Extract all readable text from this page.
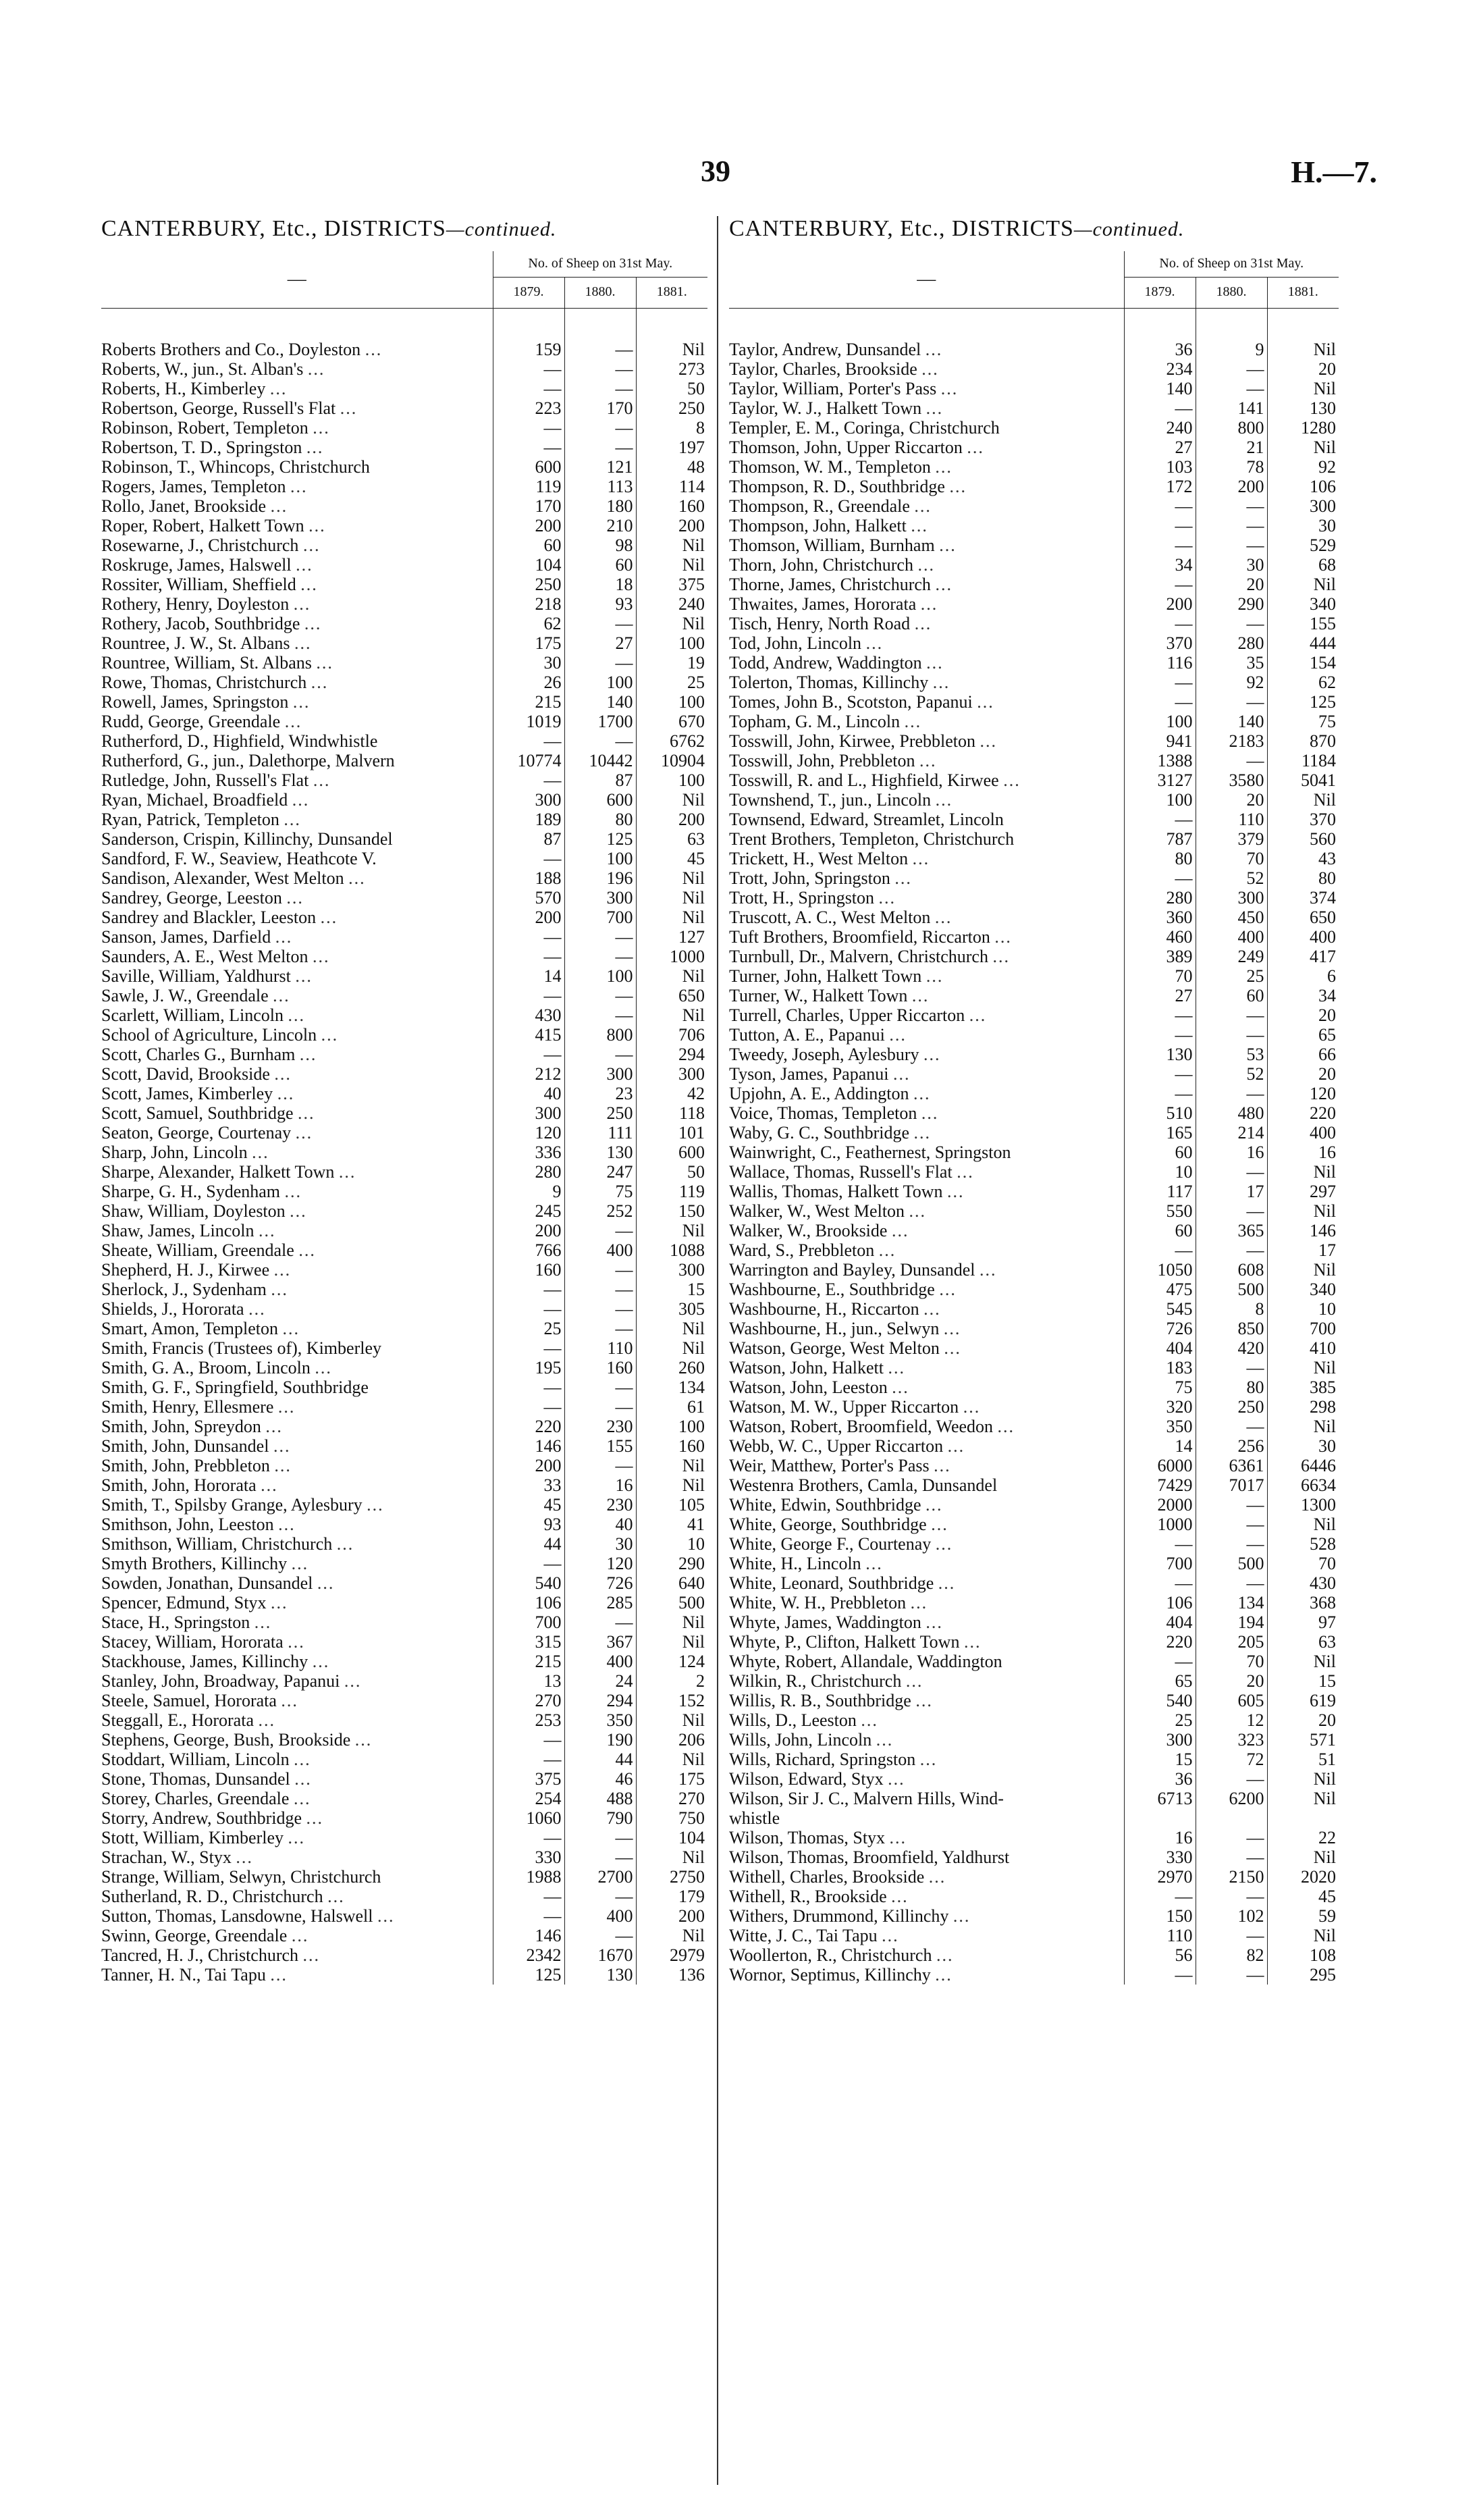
39	H.—7.
CANTERBURY, Etc., DISTRICTS—continued.
—	No. of Sheep on 31st May.		
	1879.	1880.	1881.

Roberts Brothers and Co., Doyleston ...	159	—	Nil
Roberts, W., jun., St. Alban's ...	—	—	273
Roberts, H., Kimberley ...	—	—	50
Robertson, George, Russell's Flat ...	223	170	250
Robinson, Robert, Templeton ...	—	—	8
Robertson, T. D., Springston ...	—	—	197
Robinson, T., Whincops, Christchurch	600	121	48
Rogers, James, Templeton ...	119	113	114
Rollo, Janet, Brookside ...	170	180	160
Roper, Robert, Halkett Town ...	200	210	200
Rosewarne, J., Christchurch ...	60	98	Nil
Roskruge, James, Halswell ...	104	60	Nil
Rossiter, William, Sheffield ...	250	18	375
Rothery, Henry, Doyleston ...	218	93	240
Rothery, Jacob, Southbridge ...	62	—	Nil
Rountree, J. W., St. Albans ...	175	27	100
Rountree, William, St. Albans ...	30	—	19
Rowe, Thomas, Christchurch ...	26	100	25
Rowell, James, Springston ...	215	140	100
Rudd, George, Greendale ...	1019	1700	670
Rutherford, D., Highfield, Windwhistle	—	—	6762
Rutherford, G., jun., Dalethorpe, Malvern	10774	10442	10904
Rutledge, John, Russell's Flat ...	—	87	100
Ryan, Michael, Broadfield ...	300	600	Nil
Ryan, Patrick, Templeton ...	189	80	200
Sanderson, Crispin, Killinchy, Dunsandel	87	125	63
Sandford, F. W., Seaview, Heathcote V.	—	100	45
Sandison, Alexander, West Melton ...	188	196	Nil
Sandrey, George, Leeston ...	570	300	Nil
Sandrey and Blackler, Leeston ...	200	700	Nil
Sanson, James, Darfield ...	—	—	127
Saunders, A. E., West Melton ...	—	—	1000
Saville, William, Yaldhurst ...	14	100	Nil
Sawle, J. W., Greendale ...	—	—	650
Scarlett, William, Lincoln ...	430	—	Nil
School of Agriculture, Lincoln ...	415	800	706
Scott, Charles G., Burnham ...	—	—	294
Scott, David, Brookside ...	212	300	300
Scott, James, Kimberley ...	40	23	42
Scott, Samuel, Southbridge ...	300	250	118
Seaton, George, Courtenay ...	120	111	101
Sharp, John, Lincoln ...	336	130	600
Sharpe, Alexander, Halkett Town ...	280	247	50
Sharpe, G. H., Sydenham ...	9	75	119
Shaw, William, Doyleston ...	245	252	150
Shaw, James, Lincoln ...	200	—	Nil
Sheate, William, Greendale ...	766	400	1088
Shepherd, H. J., Kirwee ...	160	—	300
Sherlock, J., Sydenham ...	—	—	15
Shields, J., Hororata ...	—	—	305
Smart, Amon, Templeton ...	25	—	Nil
Smith, Francis (Trustees of), Kimberley	—	110	Nil
Smith, G. A., Broom, Lincoln ...	195	160	260
Smith, G. F., Springfield, Southbridge	—	—	134
Smith, Henry, Ellesmere ...	—	—	61
Smith, John, Spreydon ...	220	230	100
Smith, John, Dunsandel ...	146	155	160
Smith, John, Prebbleton ...	200	—	Nil
Smith, John, Hororata ...	33	16	Nil
Smith, T., Spilsby Grange, Aylesbury ...	45	230	105
Smithson, John, Leeston ...	93	40	41
Smithson, William, Christchurch ...	44	30	10
Smyth Brothers, Killinchy ...	—	120	290
Sowden, Jonathan, Dunsandel ...	540	726	640
Spencer, Edmund, Styx ...	106	285	500
Stace, H., Springston ...	700	—	Nil
Stacey, William, Hororata ...	315	367	Nil
Stackhouse, James, Killinchy ...	215	400	124
Stanley, John, Broadway, Papanui ...	13	24	2
Steele, Samuel, Hororata ...	270	294	152
Steggall, E., Hororata ...	253	350	Nil
Stephens, George, Bush, Brookside ...	—	190	206
Stoddart, William, Lincoln ...	—	44	Nil
Stone, Thomas, Dunsandel ...	375	46	175
Storey, Charles, Greendale ...	254	488	270
Storry, Andrew, Southbridge ...	1060	790	750
Stott, William, Kimberley ...	—	—	104
Strachan, W., Styx ...	330	—	Nil
Strange, William, Selwyn, Christchurch	1988	2700	2750
Sutherland, R. D., Christchurch ...	—	—	179
Sutton, Thomas, Lansdowne, Halswell ...	—	400	200
Swinn, George, Greendale ...	146	—	Nil
Tancred, H. J., Christchurch ...	2342	1670	2979
Tanner, H. N., Tai Tapu ...	125	130	136
CANTERBURY, Etc., DISTRICTS—continued.
—	No. of Sheep on 31st May.		
	1879.	1880.	1881.

Taylor, Andrew, Dunsandel ...	36	9	Nil
Taylor, Charles, Brookside ...	234	—	20
Taylor, William, Porter's Pass ...	140	—	Nil
Taylor, W. J., Halkett Town ...	—	141	130
Templer, E. M., Coringa, Christchurch	240	800	1280
Thomson, John, Upper Riccarton ...	27	21	Nil
Thomson, W. M., Templeton ...	103	78	92
Thompson, R. D., Southbridge ...	172	200	106
Thompson, R., Greendale ...	—	—	300
Thompson, John, Halkett ...	—	—	30
Thomson, William, Burnham ...	—	—	529
Thorn, John, Christchurch ...	34	30	68
Thorne, James, Christchurch ...	—	20	Nil
Thwaites, James, Hororata ...	200	290	340
Tisch, Henry, North Road ...	—	—	155
Tod, John, Lincoln ...	370	280	444
Todd, Andrew, Waddington ...	116	35	154
Tolerton, Thomas, Killinchy ...	—	92	62
Tomes, John B., Scotston, Papanui ...	—	—	125
Topham, G. M., Lincoln ...	100	140	75
Tosswill, John, Kirwee, Prebbleton ...	941	2183	870
Tosswill, John, Prebbleton ...	1388	—	1184
Tosswill, R. and L., Highfield, Kirwee ...	3127	3580	5041
Townshend, T., jun., Lincoln ...	100	20	Nil
Townsend, Edward, Streamlet, Lincoln	—	110	370
Trent Brothers, Templeton, Christchurch	787	379	560
Trickett, H., West Melton ...	80	70	43
Trott, John, Springston ...	—	52	80
Trott, H., Springston ...	280	300	374
Truscott, A. C., West Melton ...	360	450	650
Tuft Brothers, Broomfield, Riccarton ...	460	400	400
Turnbull, Dr., Malvern, Christchurch ...	389	249	417
Turner, John, Halkett Town ...	70	25	6
Turner, W., Halkett Town ...	27	60	34
Turrell, Charles, Upper Riccarton ...	—	—	20
Tutton, A. E., Papanui ...	—	—	65
Tweedy, Joseph, Aylesbury ...	130	53	66
Tyson, James, Papanui ...	—	52	20
Upjohn, A. E., Addington ...	—	—	120
Voice, Thomas, Templeton ...	510	480	220
Waby, G. C., Southbridge ...	165	214	400
Wainwright, C., Feathernest, Springston	60	16	16
Wallace, Thomas, Russell's Flat ...	10	—	Nil
Wallis, Thomas, Halkett Town ...	117	17	297
Walker, W., West Melton ...	550	—	Nil
Walker, W., Brookside ...	60	365	146
Ward, S., Prebbleton ...	—	—	17
Warrington and Bayley, Dunsandel ...	1050	608	Nil
Washbourne, E., Southbridge ...	475	500	340
Washbourne, H., Riccarton ...	545	8	10
Washbourne, H., jun., Selwyn ...	726	850	700
Watson, George, West Melton ...	404	420	410
Watson, John, Halkett ...	183	—	Nil
Watson, John, Leeston ...	75	80	385
Watson, M. W., Upper Riccarton ...	320	250	298
Watson, Robert, Broomfield, Weedon ...	350	—	Nil
Webb, W. C., Upper Riccarton ...	14	256	30
Weir, Matthew, Porter's Pass ...	6000	6361	6446
Westenra Brothers, Camla, Dunsandel	7429	7017	6634
White, Edwin, Southbridge ...	2000	—	1300
White, George, Southbridge ...	1000	—	Nil
White, George F., Courtenay ...	—	—	528
White, H., Lincoln ...	700	500	70
White, Leonard, Southbridge ...	—	—	430
White, W. H., Prebbleton ...	106	134	368
Whyte, James, Waddington ...	404	194	97
Whyte, P., Clifton, Halkett Town ...	220	205	63
Whyte, Robert, Allandale, Waddington	—	70	Nil
Wilkin, R., Christchurch ...	65	20	15
Willis, R. B., Southbridge ...	540	605	619
Wills, D., Leeston ...	25	12	20
Wills, John, Lincoln ...	300	323	571
Wills, Richard, Springston ...	15	72	51
Wilson, Edward, Styx ...	36	—	Nil
Wilson, Sir J. C., Malvern Hills, Wind-	6713	6200	Nil
whistle			
Wilson, Thomas, Styx ...	16	—	22
Wilson, Thomas, Broomfield, Yaldhurst	330	—	Nil
Withell, Charles, Brookside ...	2970	2150	2020
Withell, R., Brookside ...	—	—	45
Withers, Drummond, Killinchy ...	150	102	59
Witte, J. C., Tai Tapu ...	110	—	Nil
Woollerton, R., Christchurch ...	56	82	108
Wornor, Septimus, Killinchy ...	—	—	295
